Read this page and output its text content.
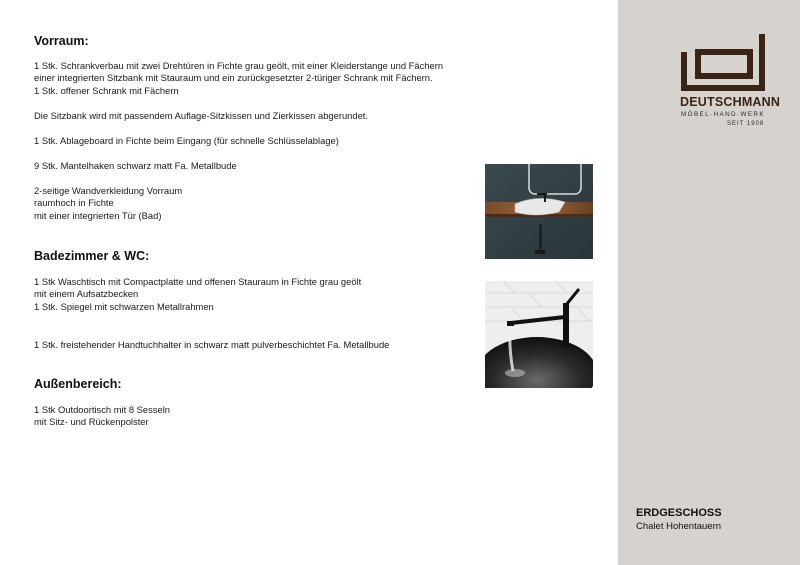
Vorraum:
1 Stk. Schrankverbau mit zwei Drehtüren in Fichte grau geölt, mit einer Kleiderstange und Fächern
einer integrierten Sitzbank mit Stauraum und ein zurückgesetzter 2-türiger Schrank mit Fächern.
1 Stk. offener Schrank mit Fächern
Die Sitzbank wird mit passendem Auflage-Sitzkissen und Zierkissen abgerundet.
1 Stk. Ablageboard in Fichte beim Eingang (für schnelle Schlüsselablage)
9 Stk. Mantelhaken schwarz matt Fa. Metallbude
2-seitige Wandverkleidung Vorraum
raumhoch in Fichte
mit einer integrierten Tür (Bad)
Badezimmer & WC:
1 Stk Waschtisch mit Compactplatte und offenen Stauraum in Fichte grau geölt
mit einem Aufsatzbecken
1 Stk. Spiegel mit schwarzen Metallrahmen
1 Stk. freistehender Handtuchhalter in schwarz matt pulverbeschichtet Fa. Metallbude
Außenbereich:
1 Stk Outdoortisch mit 8 Sesseln
mit Sitz- und Rückenpolster
DEUTSCHMANN
MÖBEL·HAND·WERK
SEIT 1908
ERDGESCHOSS
Chalet Hohentauern
